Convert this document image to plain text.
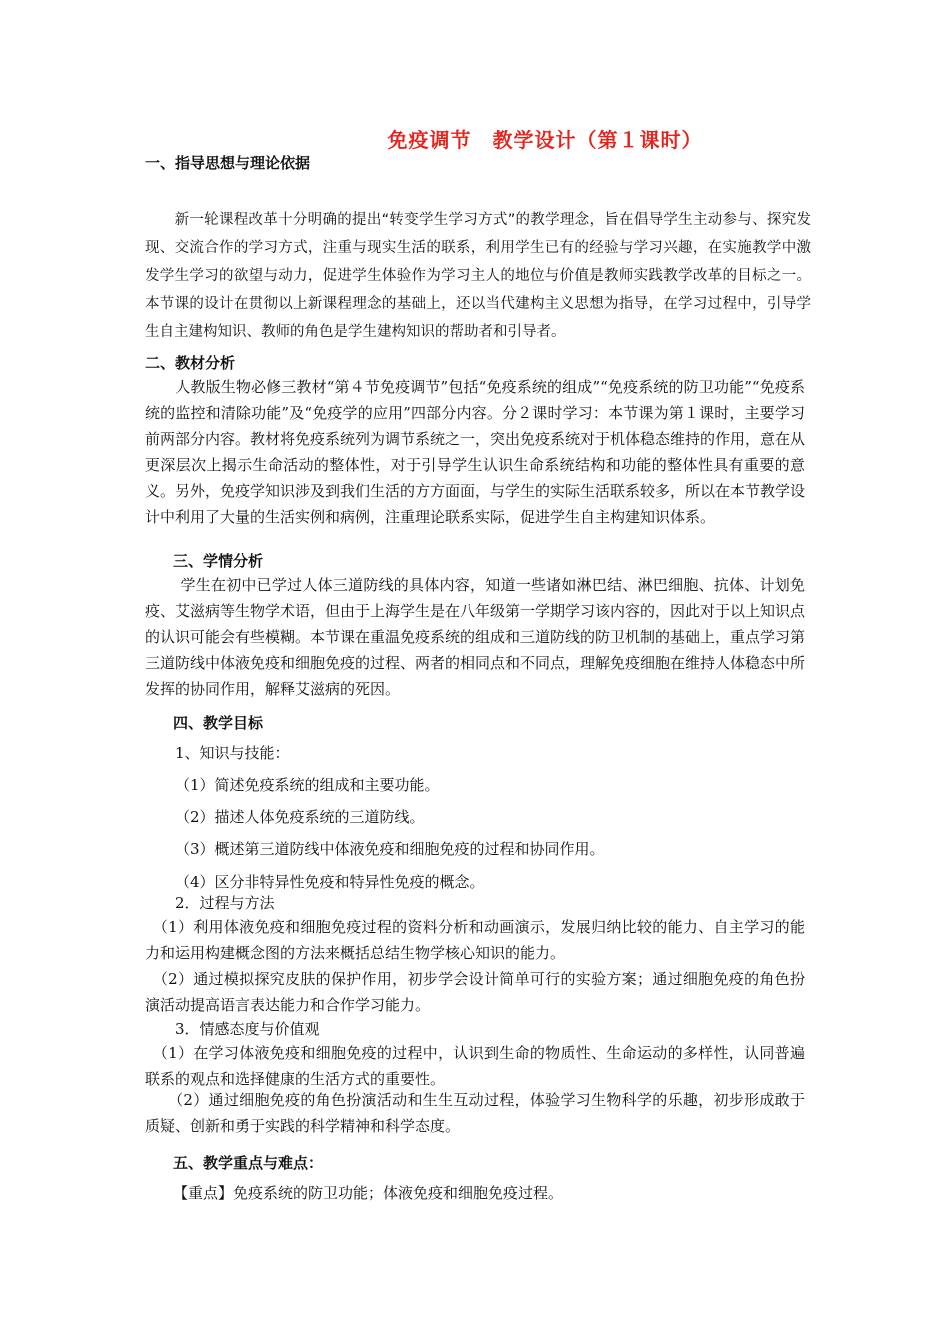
免疫调节　教学设计（第１课时）
一、指导思想与理论依据
　　新一轮课程改革十分明确的提出“转变学生学习方式”的教学理念，旨在倡导学生主动参与、探究发现、交流合作的学习方式，注重与现实生活的联系，利用学生已有的经验与学习兴趣，在实施教学中激发学生学习的欲望与动力，促进学生体验作为学习主人的地位与价值是教师实践教学改革的目标之一。本节课的设计在贯彻以上新课程理念的基础上，还以当代建构主义思想为指导，在学习过程中，引导学生自主建构知识、教师的角色是学生建构知识的帮助者和引导者。
二、教材分析
　　人教版生物必修三教材“第４节免疫调节”包括“免疫系统的组成”“免疫系统的防卫功能”“免疫系统的监控和清除功能”及“免疫学的应用”四部分内容。分２课时学习：本节课为第１课时，主要学习前两部分内容。教材将免疫系统列为调节系统之一，突出免疫系统对于机体稳态维持的作用，意在从更深层次上揭示生命活动的整体性，对于引导学生认识生命系统结构和功能的整体性具有重要的意义。另外，免疫学知识涉及到我们生活的方方面面，与学生的实际生活联系较多，所以在本节教学设计中利用了大量的生活实例和病例，注重理论联系实际，促进学生自主构建知识体系。
三、学情分析
　　 学生在初中已学过人体三道防线的具体内容，知道一些诸如淋巴结、淋巴细胞、抗体、计划免疫、艾滋病等生物学术语，但由于上海学生是在八年级第一学期学习该内容的，因此对于以上知识点的认识可能会有些模糊。本节课在重温免疫系统的组成和三道防线的防卫机制的基础上，重点学习第三道防线中体液免疫和细胞免疫的过程、两者的相同点和不同点，理解免疫细胞在维持人体稳态中所发挥的协同作用，解释艾滋病的死因。
四、教学目标
1、知识与技能：
（1）简述免疫系统的组成和主要功能。
（2）描述人体免疫系统的三道防线。
（3）概述第三道防线中体液免疫和细胞免疫的过程和协同作用。
（4）区分非特异性免疫和特异性免疫的概念。
2．过程与方法
　（1）利用体液免疫和细胞免疫过程的资料分析和动画演示，发展归纳比较的能力、自主学习的能力和运用构建概念图的方法来概括总结生物学核心知识的能力。
　（2）通过模拟探究皮肤的保护作用，初步学会设计简单可行的实验方案；通过细胞免疫的角色扮演活动提高语言表达能力和合作学习能力。
3．情感态度与价值观
　（1）在学习体液免疫和细胞免疫的过程中，认识到生命的物质性、生命运动的多样性，认同普遍联系的观点和选择健康的生活方式的重要性。
　　（2）通过细胞免疫的角色扮演活动和生生互动过程，体验学习生物科学的乐趣，初步形成敢于质疑、创新和勇于实践的科学精神和科学态度。
五、教学重点与难点：
【重点】免疫系统的防卫功能；体液免疫和细胞免疫过程。
